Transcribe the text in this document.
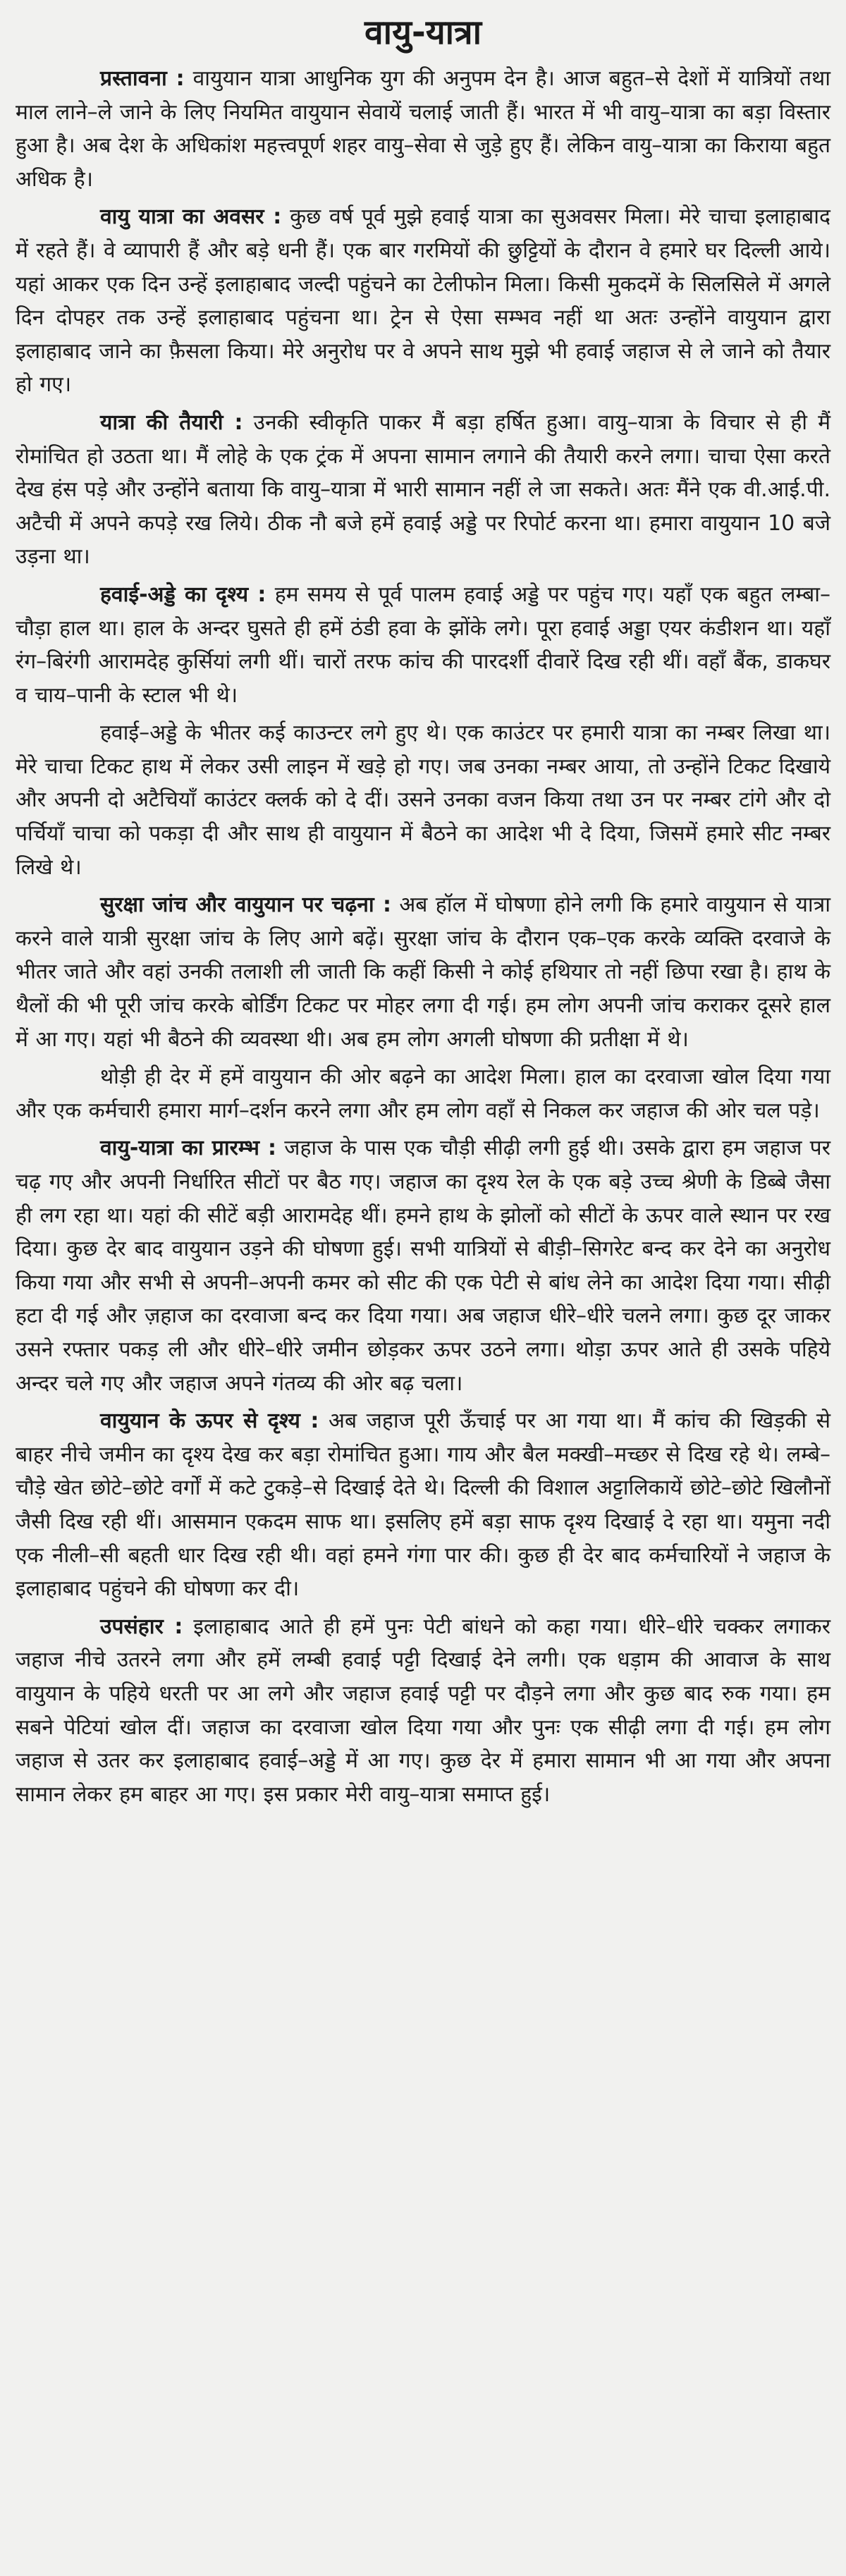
वायु-यात्रा

प्रस्तावना : वायुयान यात्रा आधुनिक युग की अनुपम देन है। आज बहुत–से देशों में यात्रियों तथा माल लाने–ले जाने के लिए नियमित वायुयान सेवायें चलाई जाती हैं। भारत में भी वायु–यात्रा का बड़ा विस्तार हुआ है। अब देश के अधिकांश महत्त्वपूर्ण शहर वायु–सेवा से जुड़े हुए हैं। लेकिन वायु–यात्रा का किराया बहुत अधिक है।

वायु यात्रा का अवसर : कुछ वर्ष पूर्व मुझे हवाई यात्रा का सुअवसर मिला। मेरे चाचा इलाहाबाद में रहते हैं। वे व्यापारी हैं और बड़े धनी हैं। एक बार गरमियों की छुट्टियों के दौरान वे हमारे घर दिल्ली आये। यहां आकर एक दिन उन्हें इलाहाबाद जल्दी पहुंचने का टेलीफोन मिला। किसी मुकदमें के सिलसिले में अगले दिन दोपहर तक उन्हें इलाहाबाद पहुंचना था। ट्रेन से ऐसा सम्भव नहीं था अतः उन्होंने वायुयान द्वारा इलाहाबाद जाने का फ़ैसला किया। मेरे अनुरोध पर वे अपने साथ मुझे भी हवाई जहाज से ले जाने को तैयार हो गए।

यात्रा की तैयारी : उनकी स्वीकृति पाकर मैं बड़ा हर्षित हुआ। वायु–यात्रा के विचार से ही मैं रोमांचित हो उठता था। मैं लोहे के एक ट्रंक में अपना सामान लगाने की तैयारी करने लगा। चाचा ऐसा करते देख हंस पड़े और उन्होंने बताया कि वायु–यात्रा में भारी सामान नहीं ले जा सकते। अतः मैंने एक वी.आई.पी. अटैची में अपने कपड़े रख लिये। ठीक नौ बजे हमें हवाई अड्डे पर रिपोर्ट करना था। हमारा वायुयान 10 बजे उड़ना था।

हवाई-अड्डे का दृश्य : हम समय से पूर्व पालम हवाई अड्डे पर पहुंच गए। यहाँ एक बहुत लम्बा–चौड़ा हाल था। हाल के अन्दर घुसते ही हमें ठंडी हवा के झोंके लगे। पूरा हवाई अड्डा एयर कंडीशन था। यहाँ रंग–बिरंगी आरामदेह कुर्सियां लगी थीं। चारों तरफ कांच की पारदर्शी दीवारें दिख रही थीं। वहाँ बैंक, डाकघर व चाय–पानी के स्टाल भी थे।

हवाई–अड्डे के भीतर कई काउन्टर लगे हुए थे। एक काउंटर पर हमारी यात्रा का नम्बर लिखा था। मेरे चाचा टिकट हाथ में लेकर उसी लाइन में खड़े हो गए। जब उनका नम्बर आया, तो उन्होंने टिकट दिखाये और अपनी दो अटैचियाँ काउंटर क्लर्क को दे दीं। उसने उनका वजन किया तथा उन पर नम्बर टांगे और दो पर्चियाँ चाचा को पकड़ा दी और साथ ही वायुयान में बैठने का आदेश भी दे दिया, जिसमें हमारे सीट नम्बर लिखे थे।

सुरक्षा जांच और वायुयान पर चढ़ना : अब हॉल में घोषणा होने लगी कि हमारे वायुयान से यात्रा करने वाले यात्री सुरक्षा जांच के लिए आगे बढ़ें। सुरक्षा जांच के दौरान एक–एक करके व्यक्ति दरवाजे के भीतर जाते और वहां उनकी तलाशी ली जाती कि कहीं किसी ने कोई हथियार तो नहीं छिपा रखा है। हाथ के थैलों की भी पूरी जांच करके बोर्डिंग टिकट पर मोहर लगा दी गई। हम लोग अपनी जांच कराकर दूसरे हाल में आ गए। यहां भी बैठने की व्यवस्था थी। अब हम लोग अगली घोषणा की प्रतीक्षा में थे।

थोड़ी ही देर में हमें वायुयान की ओर बढ़ने का आदेश मिला। हाल का दरवाजा खोल दिया गया और एक कर्मचारी हमारा मार्ग–दर्शन करने लगा और हम लोग वहाँ से निकल कर जहाज की ओर चल पड़े।

वायु-यात्रा का प्रारम्भ : जहाज के पास एक चौड़ी सीढ़ी लगी हुई थी। उसके द्वारा हम जहाज पर चढ़ गए और अपनी निर्धारित सीटों पर बैठ गए। जहाज का दृश्य रेल के एक बड़े उच्च श्रेणी के डिब्बे जैसा ही लग रहा था। यहां की सीटें बड़ी आरामदेह थीं। हमने हाथ के झोलों को सीटों के ऊपर वाले स्थान पर रख दिया। कुछ देर बाद वायुयान उड़ने की घोषणा हुई। सभी यात्रियों से बीड़ी–सिगरेट बन्द कर देने का अनुरोध किया गया और सभी से अपनी–अपनी कमर को सीट की एक पेटी से बांध लेने का आदेश दिया गया। सीढ़ी हटा दी गई और ज़हाज का दरवाजा बन्द कर दिया गया। अब जहाज धीरे–धीरे चलने लगा। कुछ दूर जाकर उसने रफ्तार पकड़ ली और धीरे–धीरे जमीन छोड़कर ऊपर उठने लगा। थोड़ा ऊपर आते ही उसके पहिये अन्दर चले गए और जहाज अपने गंतव्य की ओर बढ़ चला।

वायुयान के ऊपर से दृश्य : अब जहाज पूरी ऊँचाई पर आ गया था। मैं कांच की खिड़की से बाहर नीचे जमीन का दृश्य देख कर बड़ा रोमांचित हुआ। गाय और बैल मक्खी–मच्छर से दिख रहे थे। लम्बे–चौड़े खेत छोटे–छोटे वर्गों में कटे टुकड़े–से दिखाई देते थे। दिल्ली की विशाल अट्टालिकायें छोटे–छोटे खिलौनों जैसी दिख रही थीं। आसमान एकदम साफ था। इसलिए हमें बड़ा साफ दृश्य दिखाई दे रहा था। यमुना नदी एक नीली–सी बहती धार दिख रही थी। वहां हमने गंगा पार की। कुछ ही देर बाद कर्मचारियों ने जहाज के इलाहाबाद पहुंचने की घोषणा कर दी।

उपसंहार : इलाहाबाद आते ही हमें पुनः पेटी बांधने को कहा गया। धीरे–धीरे चक्कर लगाकर जहाज नीचे उतरने लगा और हमें लम्बी हवाई पट्टी दिखाई देने लगी। एक धड़ाम की आवाज के साथ वायुयान के पहिये धरती पर आ लगे और जहाज हवाई पट्टी पर दौड़ने लगा और कुछ बाद रुक गया। हम सबने पेटियां खोल दीं। जहाज का दरवाजा खोल दिया गया और पुनः एक सीढ़ी लगा दी गई। हम लोग जहाज से उतर कर इलाहाबाद हवाई–अड्डे में आ गए। कुछ देर में हमारा सामान भी आ गया और अपना सामान लेकर हम बाहर आ गए। इस प्रकार मेरी वायु–यात्रा समाप्त हुई।
